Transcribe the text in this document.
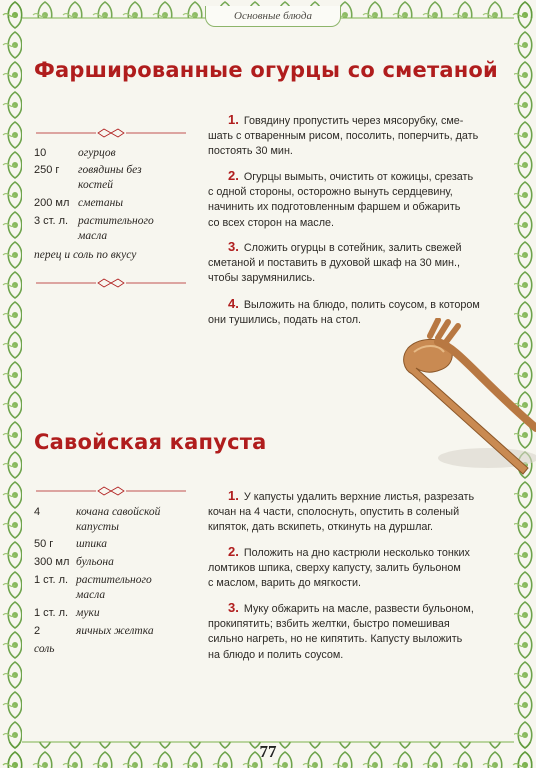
Основные блюда
Фаршированные огурцы со сметаной
10	огурцов
250 г говядины без
костей
200 мл сметаны
3 ст. л. растительного
масла
перец и соль по вкусу
1. Говядину пропустить через мясорубку, сме-
шать с отваренным рисом, посолить, поперчить, дать
постоять 30 мин.
2. Огурцы вымыть, очистить от кожицы, срезать
с одной стороны, осторожно вынуть сердцевину,
начинить их подготовленным фаршем и обжарить
со всех сторон на масле.
3. Сложить огурцы в сотейник, залить свежей
сметаной и поставить в духовой шкаф на 30 мин.,
чтобы зарумянились.
4. Выложить на блюдо, полить соусом, в котором
они тушились, подать на стол.
Савойская капуста
4	кочана савойской
капусты
50 г шпика
300 мл бульона
1 ст. л. растительного
масла
1 ст. л. муки
2	яичных желтка
соль
1. У капусты удалить верхние листья, разрезать
кочан на 4 части, сполоснуть, опустить в соленый
кипяток, дать вскипеть, откинуть на дуршлаг.
2. Положить на дно кастрюли несколько тонких
ломтиков шпика, сверху капусту, залить бульоном
с маслом, варить до мягкости.
3. Муку обжарить на масле, развести бульоном,
прокипятить; взбить желтки, быстро помешивая
сильно нагреть, но не кипятить. Капусту выложить
на блюдо и полить соусом.
77
